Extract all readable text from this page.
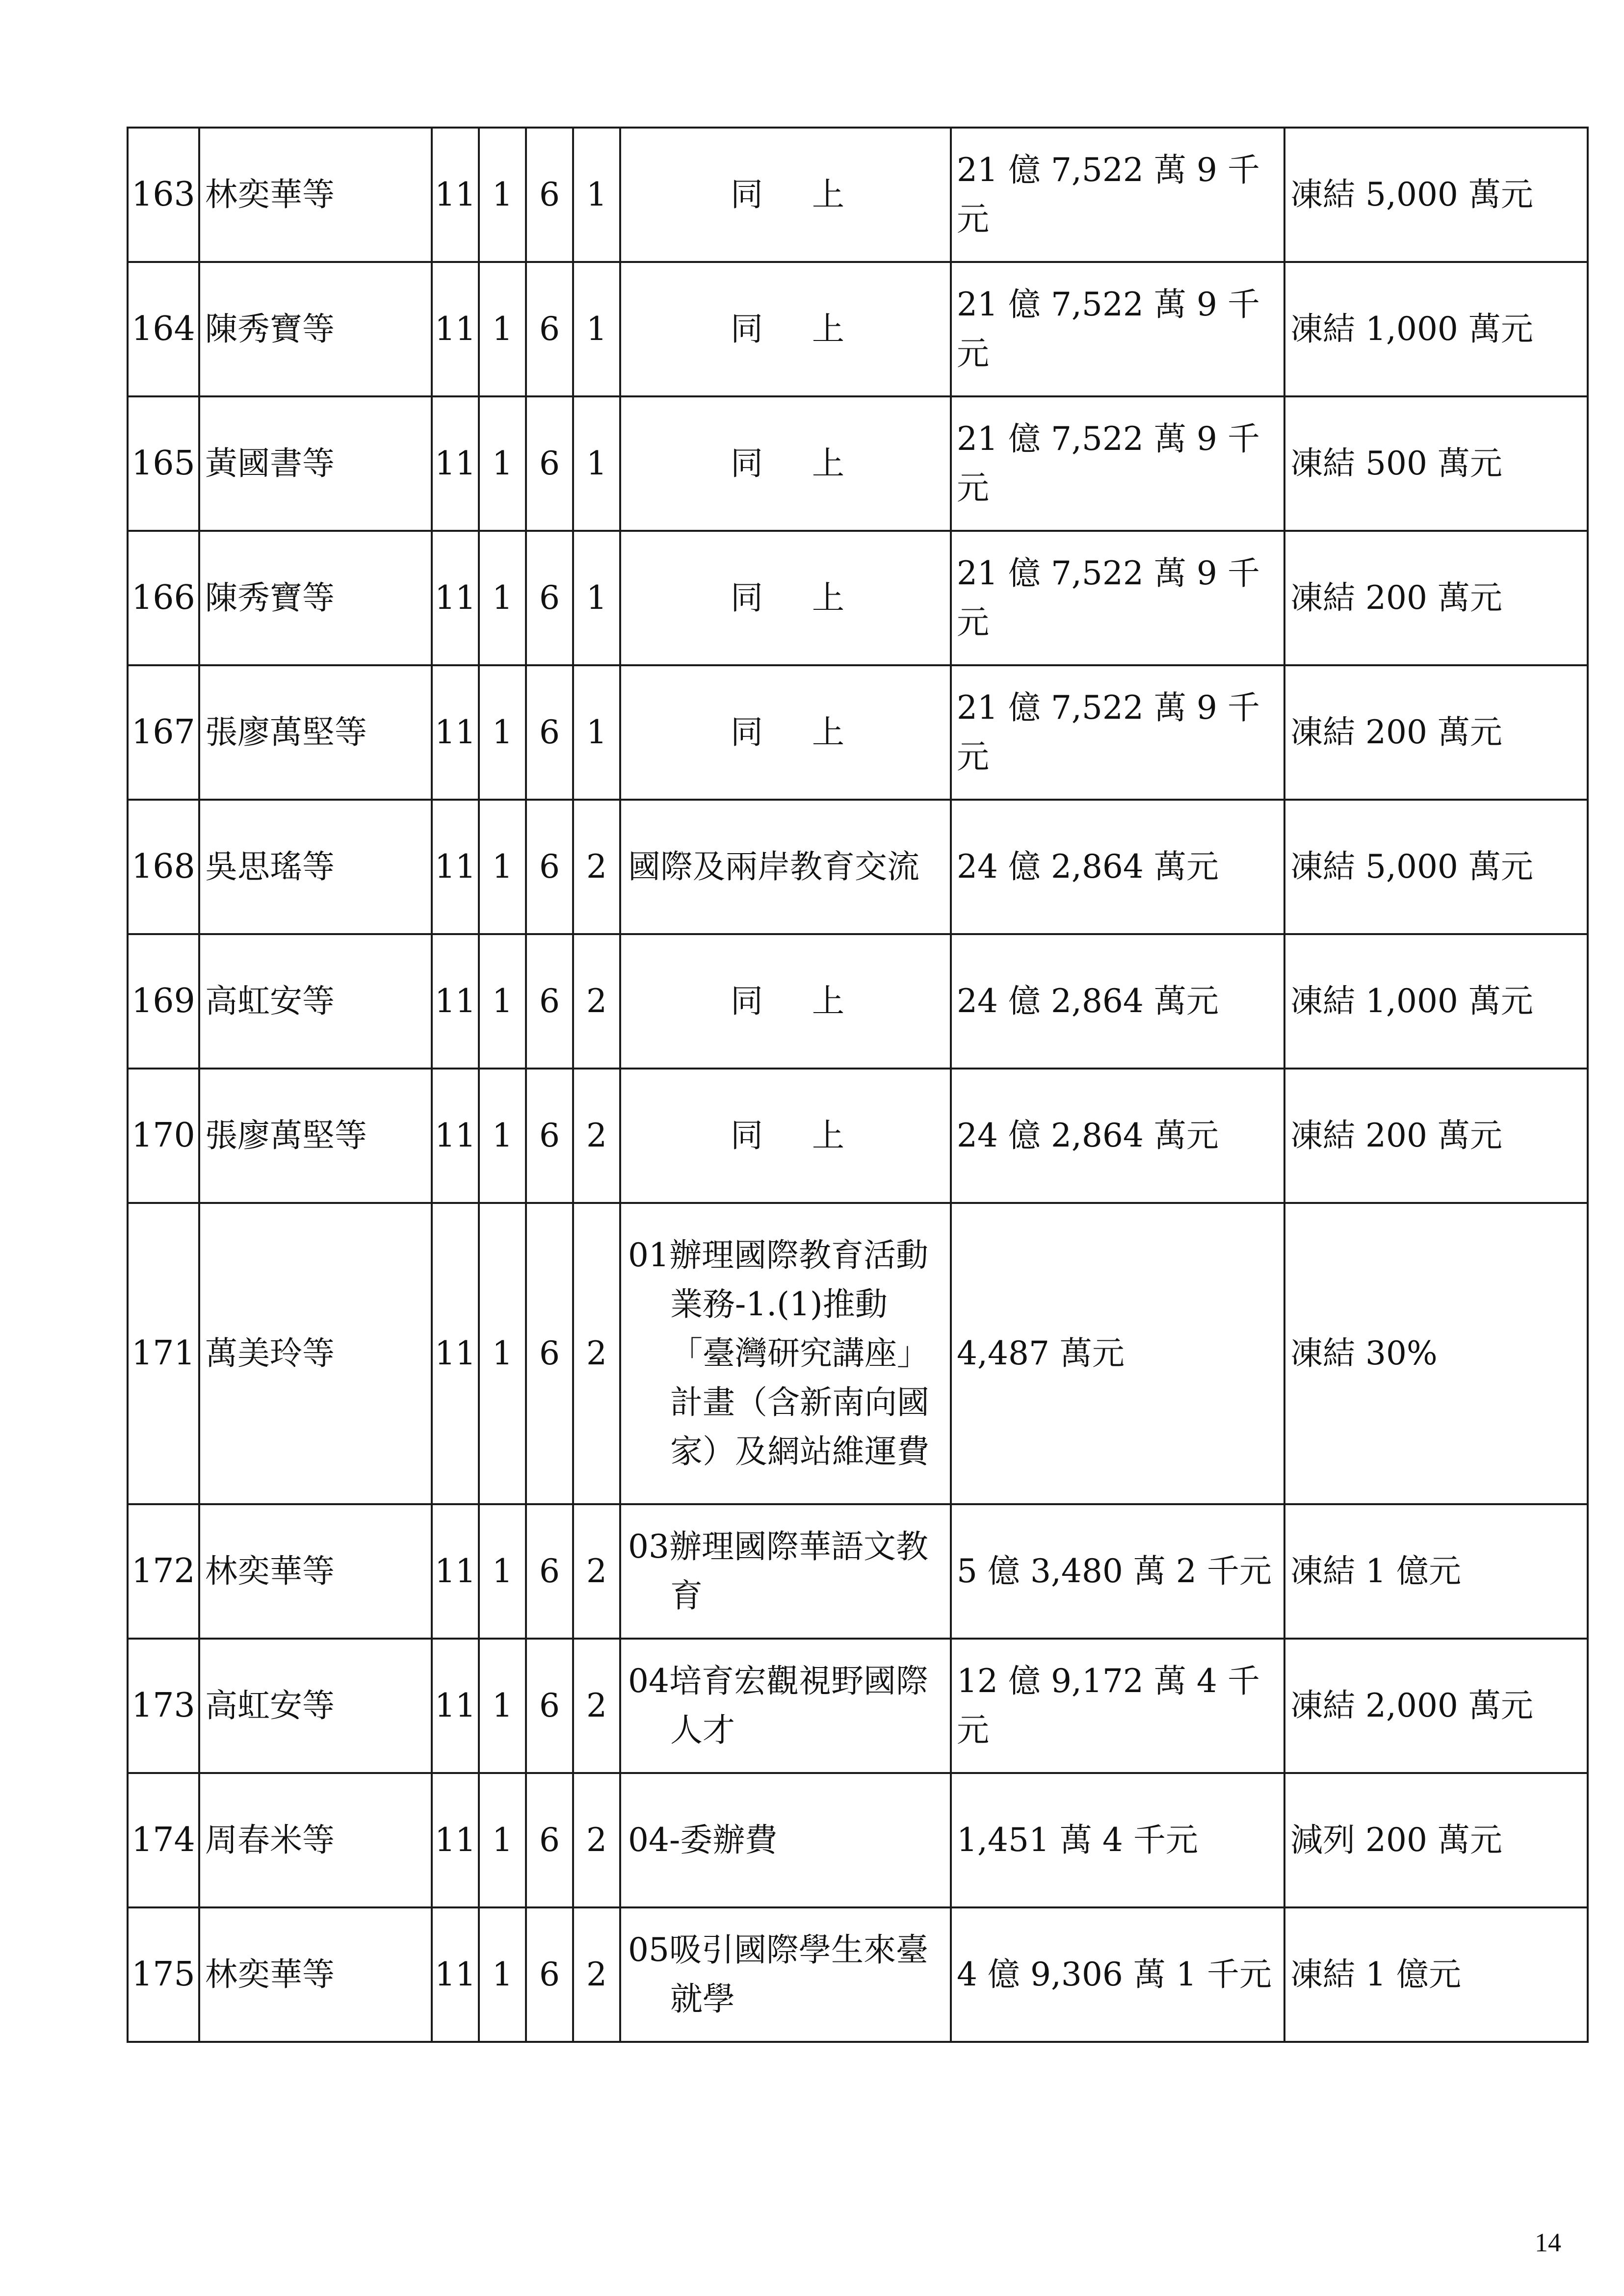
163	林奕華等	11	1	6	1	同上	21 億 7,522 萬 9 千元	凍結 5,000 萬元
164	陳秀寶等	11	1	6	1	同上	21 億 7,522 萬 9 千元	凍結 1,000 萬元
165	黃國書等	11	1	6	1	同上	21 億 7,522 萬 9 千元	凍結 500 萬元
166	陳秀寶等	11	1	6	1	同上	21 億 7,522 萬 9 千元	凍結 200 萬元
167	張廖萬堅等	11	1	6	1	同上	21 億 7,522 萬 9 千元	凍結 200 萬元
168	吳思瑤等	11	1	6	2	國際及兩岸教育交流	24 億 2,864 萬元	凍結 5,000 萬元
169	高虹安等	11	1	6	2	同上	24 億 2,864 萬元	凍結 1,000 萬元
170	張廖萬堅等	11	1	6	2	同上	24 億 2,864 萬元	凍結 200 萬元
171	萬美玲等	11	1	6	2	01辦理國際教育活動業務-1.(1)推動「臺灣研究講座」計畫（含新南向國家）及網站維運費	4,487 萬元	凍結 30%
172	林奕華等	11	1	6	2	03辦理國際華語文教育	5 億 3,480 萬 2 千元	凍結 1 億元
173	高虹安等	11	1	6	2	04培育宏觀視野國際人才	12 億 9,172 萬 4 千元	凍結 2,000 萬元
174	周春米等	11	1	6	2	04-委辦費	1,451 萬 4 千元	減列 200 萬元
175	林奕華等	11	1	6	2	05吸引國際學生來臺就學	4 億 9,306 萬 1 千元	凍結 1 億元
14
